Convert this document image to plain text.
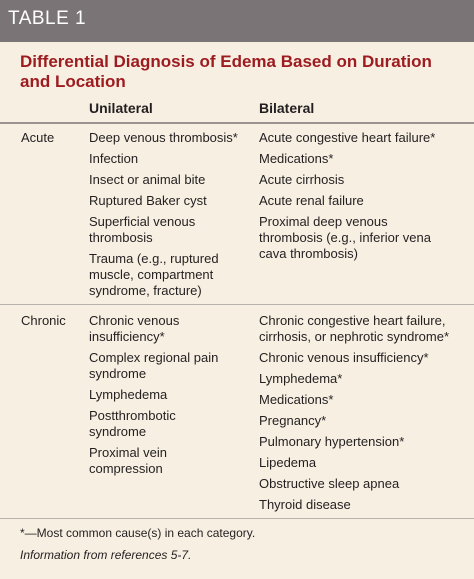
TABLE 1
Differential Diagnosis of Edema Based on Duration and Location
Unilateral	Bilateral
Acute	Deep venous thrombosis*
Infection
Insect or animal bite
Ruptured Baker cyst
Superficial venous thrombosis
Trauma (e.g., ruptured muscle, compartment syndrome, fracture)
Acute congestive heart failure*
Medications*
Acute cirrhosis
Acute renal failure
Proximal deep venous thrombosis (e.g., inferior vena cava thrombosis)
Chronic Chronic venous insufficiency*
Complex regional pain syndrome
Lymphedema
Postthrombotic syndrome
Proximal vein compression
Chronic congestive heart failure, cirrhosis, or nephrotic syndrome*
Chronic venous insufficiency*
Lymphedema*
Medications*
Pregnancy*
Pulmonary hypertension*
Lipedema
Obstructive sleep apnea
Thyroid disease
*—Most common cause(s) in each category.
Information from references 5-7.
